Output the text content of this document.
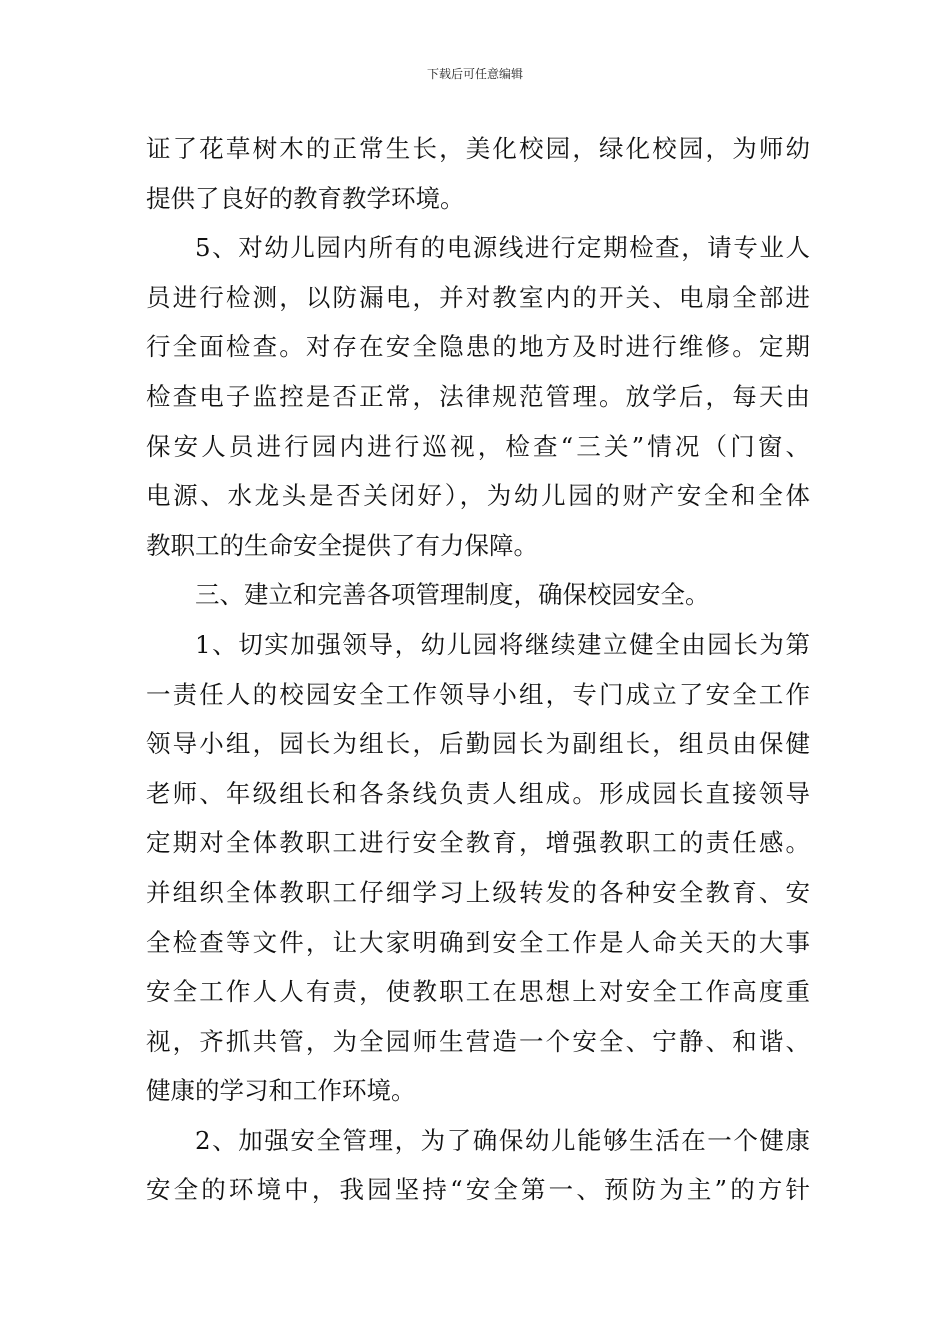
下载后可任意编辑
证了花草树木的正常生长，美化校园，绿化校园，为师幼
提供了良好的教育教学环境。
5、对幼儿园内所有的电源线进行定期检查，请专业人
员进行检测，以防漏电，并对教室内的开关、电扇全部进
行全面检查。对存在安全隐患的地方及时进行维修。定期
检查电子监控是否正常，法律规范管理。放学后，每天由
保安人员进行园内进行巡视，检查“三关”情况（门窗、
电源、水龙头是否关闭好），为幼儿园的财产安全和全体
教职工的生命安全提供了有力保障。
三、建立和完善各项管理制度，确保校园安全。
1、切实加强领导，幼儿园将继续建立健全由园长为第
一责任人的校园安全工作领导小组，专门成立了安全工作
领导小组，园长为组长，后勤园长为副组长，组员由保健
老师、年级组长和各条线负责人组成。形成园长直接领导
定期对全体教职工进行安全教育，增强教职工的责任感。
并组织全体教职工仔细学习上级转发的各种安全教育、安
全检查等文件，让大家明确到安全工作是人命关天的大事
安全工作人人有责，使教职工在思想上对安全工作高度重
视，齐抓共管，为全园师生营造一个安全、宁静、和谐、
健康的学习和工作环境。
2、加强安全管理，为了确保幼儿能够生活在一个健康
安全的环境中，我园坚持“安全第一、预防为主”的方针
